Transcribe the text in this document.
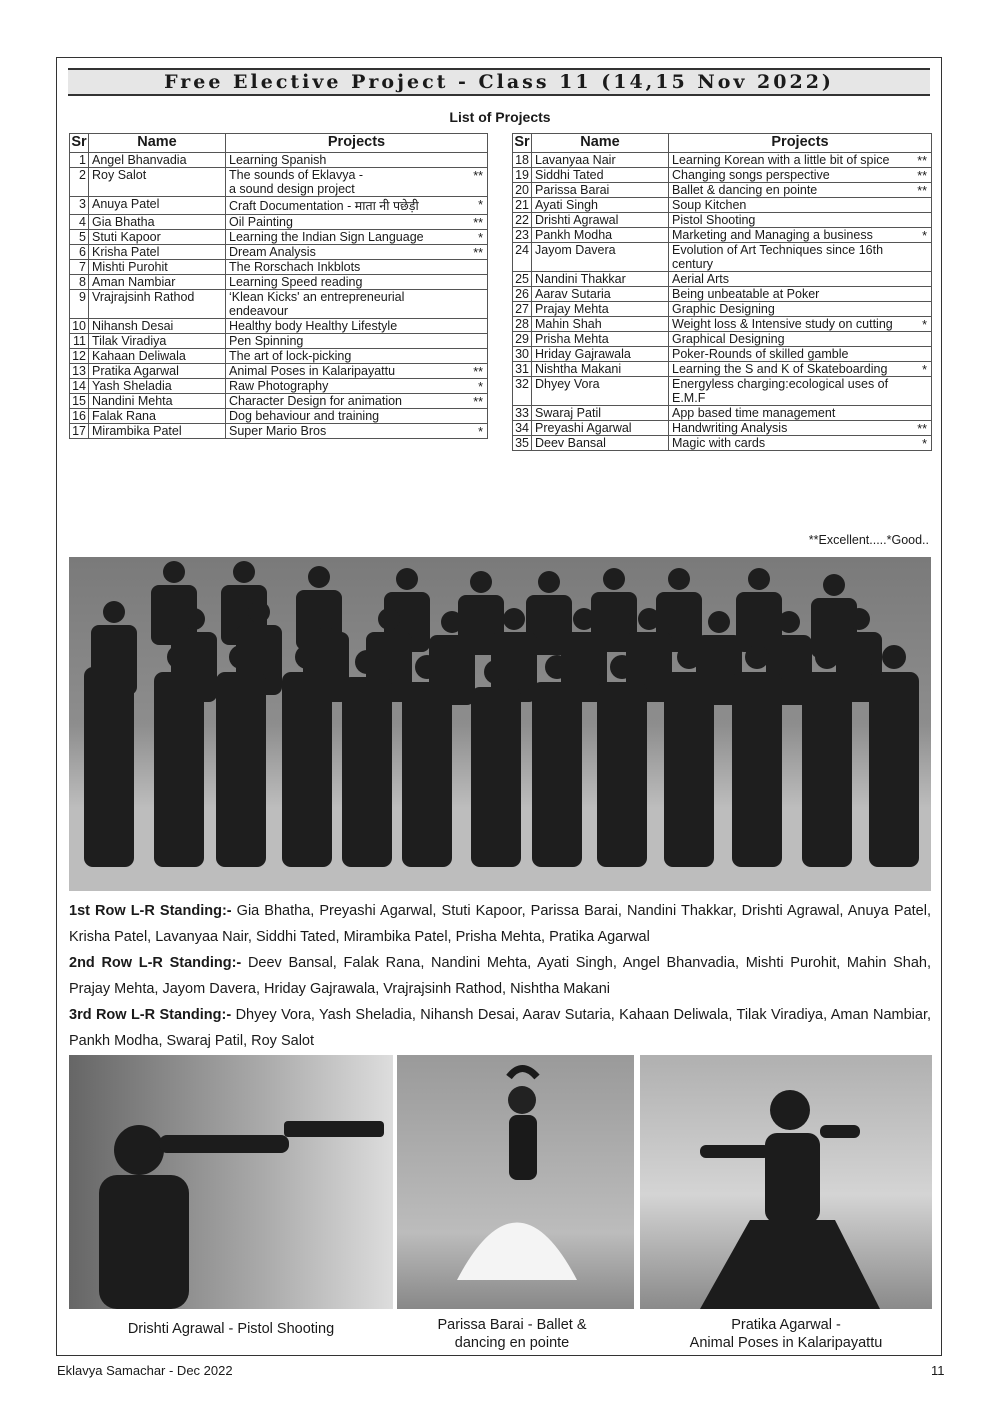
Free Elective Project - Class 11 (14,15 Nov 2022)
List of Projects
Sr	Name	Projects
1	Angel Bhanvadia	Learning Spanish

2	Roy Salot	The sounds of Eklavya -
a sound design project
**

3	Anuya Patel	Craft Documentation - माता नी पछेड़ी *

4	Gia Bhatha	Oil Painting **

5	Stuti Kapoor	Learning the Indian Sign Language *

6	Krisha Patel	Dream Analysis **

7	Mishti Purohit	The Rorschach Inkblots

8	Aman Nambiar	Learning Speed reading

9	Vrajrajsinh Rathod	‘Klean Kicks' an entrepreneurial
endeavour

10	Nihansh Desai	Healthy body Healthy Lifestyle

11	Tilak Viradiya	Pen Spinning

12	Kahaan Deliwala	The art of lock-picking

13	Pratika Agarwal	Animal Poses in Kalaripayattu **

14	Yash Sheladia	Raw Photography *

15	Nandini Mehta	Character Design for animation **

16	Falak Rana	Dog behaviour and training

17	Mirambika Patel	Super Mario Bros *
Sr	Name	Projects
18	Lavanyaa Nair	Learning Korean with a little bit of spice **

19	Siddhi Tated	Changing songs perspective **

20	Parissa Barai	Ballet & dancing en pointe **

21	Ayati Singh	Soup Kitchen

22	Drishti Agrawal	Pistol Shooting

23	Pankh Modha	Marketing and Managing a business *

24	Jayom Davera	Evolution of Art Techniques since 16th
century

25	Nandini Thakkar	Aerial Arts

26	Aarav Sutaria	Being unbeatable at Poker

27	Prajay Mehta	Graphic Designing

28	Mahin Shah	Weight loss & Intensive study on cutting *

29	Prisha Mehta	Graphical Designing

30	Hriday Gajrawala	Poker-Rounds of skilled gamble

31	Nishtha Makani	Learning the S and K of Skateboarding *

32	Dhyey Vora	Energyless charging:ecological uses of
E.M.F

33	Swaraj Patil	App based time management

34	Preyashi Agarwal	Handwriting Analysis **

35	Deev Bansal	Magic with cards *
**Excellent.....*Good..
1st Row L-R Standing:- Gia Bhatha, Preyashi Agarwal, Stuti Kapoor, Parissa Barai, Nandini Thakkar, Drishti Agrawal, Anuya Patel, Krisha Patel, Lavanyaa Nair, Siddhi Tated, Mirambika Patel, Prisha Mehta, Pratika Agarwal
2nd Row L-R Standing:- Deev Bansal, Falak Rana, Nandini Mehta, Ayati Singh, Angel Bhanvadia, Mishti Purohit, Mahin Shah, Prajay Mehta, Jayom Davera, Hriday Gajrawala, Vrajrajsinh Rathod, Nishtha Makani
3rd Row L-R Standing:- Dhyey Vora, Yash Sheladia, Nihansh Desai, Aarav Sutaria, Kahaan Deliwala, Tilak Viradiya, Aman Nambiar, Pankh Modha, Swaraj Patil, Roy Salot
Drishti Agrawal - Pistol Shooting	Parissa Barai - Ballet &
dancing en pointe
Pratika Agarwal -
Animal Poses in Kalaripayattu
Eklavya Samachar - Dec 2022	11
